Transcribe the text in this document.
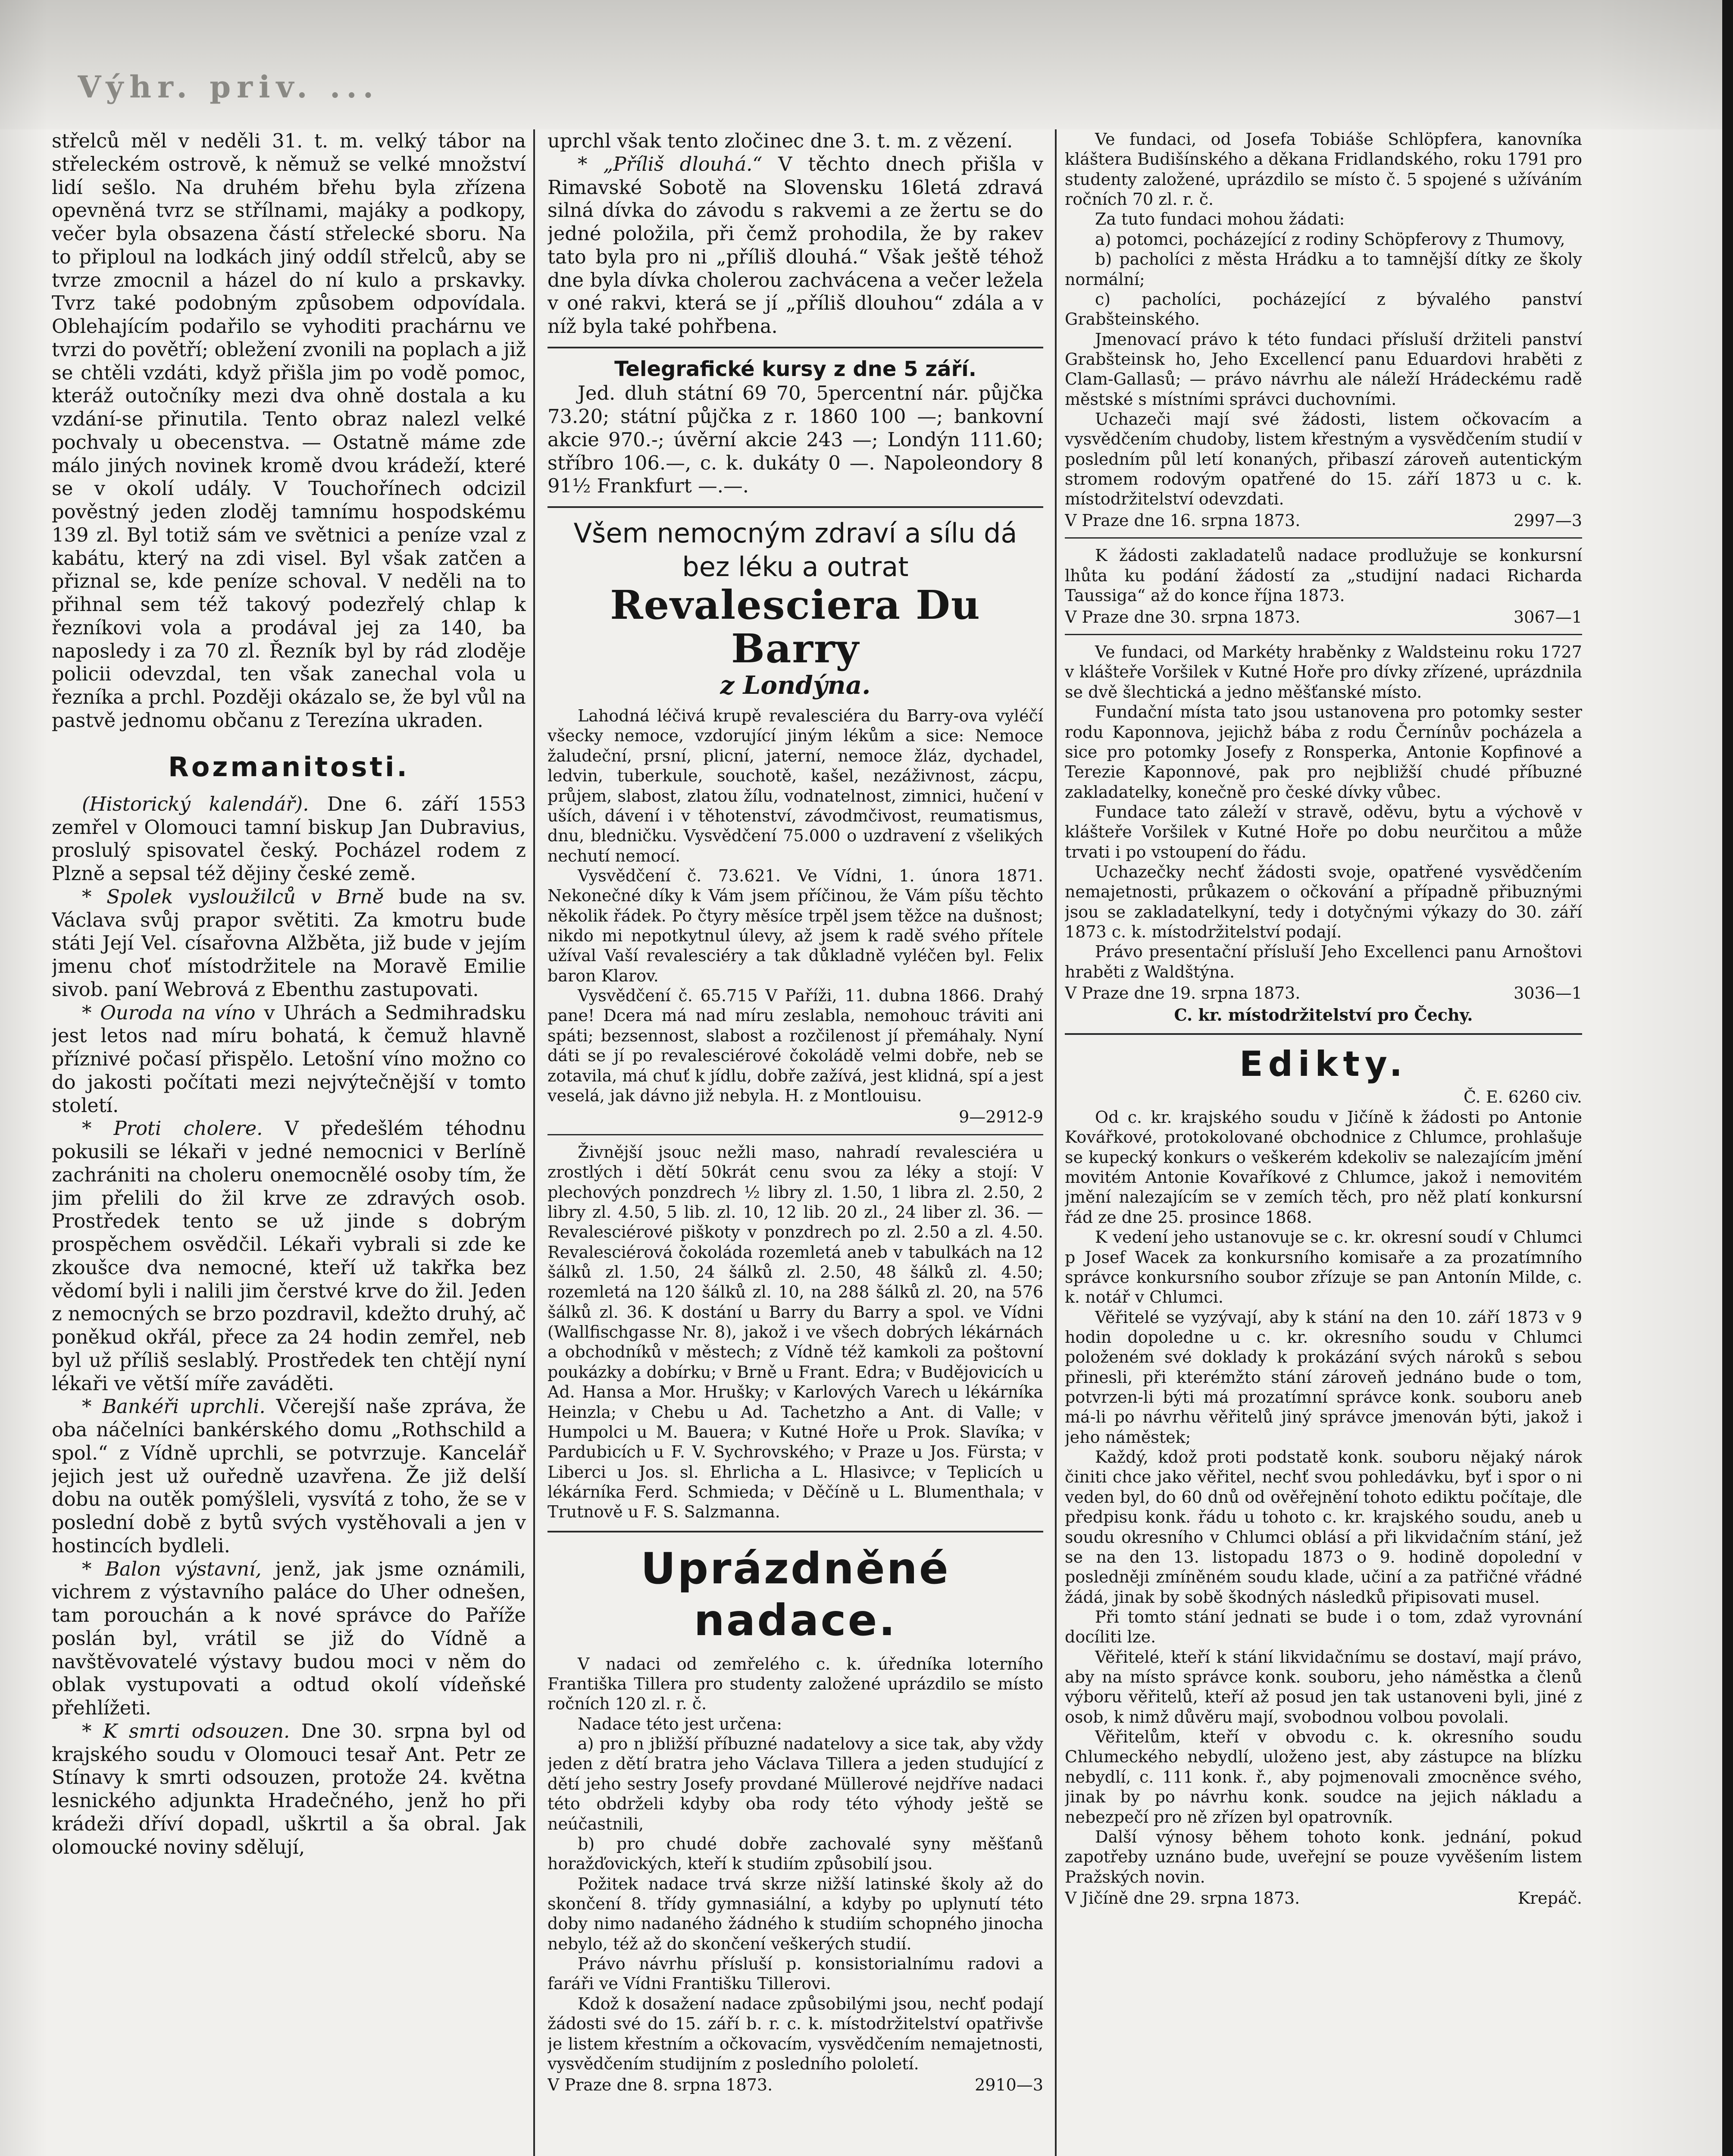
Výhr. priv. ...

střelců měl v neděli 31. t. m. velký tábor na střeleckém ostrově, k němuž se velké množství lidí sešlo. Na druhém břehu byla zřízena opevněná tvrz se střílnami, majáky a podkopy, večer byla obsazena částí střelecké sboru. Na to připloul na lodkách jiný oddíl střelců, aby se tvrze zmocnil a házel do ní kulo a prskavky. Tvrz také podobným způsobem odpovídala. Oblehajícím podařilo se vyhoditi prachárnu ve tvrzi do povětří; obležení zvonili na poplach a již se chtěli vzdáti, když přišla jim po vodě pomoc, kteráž outočníky mezi dva ohně dostala a ku vzdání-se přinutila. Tento obraz nalezl velké pochvaly u obecenstva. — Ostatně máme zde málo jiných novinek kromě dvou krádeží, které se v okolí udály. V Touchořínech odcizil pověstný jeden zloděj tamnímu hospodskému 139 zl. Byl totiž sám ve světnici a peníze vzal z kabátu, který na zdi visel. Byl však zatčen a přiznal se, kde peníze schoval. V neděli na to přihnal sem též takový podezřelý chlap k řezníkovi vola a prodával jej za 140, ba naposledy i za 70 zl. Řezník byl by rád zloděje policii odevzdal, ten však zanechal vola u řezníka a prchl. Později okázalo se, že byl vůl na pastvě jednomu občanu z Terezína ukraden.

Rozmanitosti.

(Historický kalendář). Dne 6. září 1553 zemřel v Olomouci tamní biskup Jan Dubravius, proslulý spisovatel český. Pocházel rodem z Plzně a sepsal též dějiny české země.

* Spolek vysloužilců v Brně bude na sv. Václava svůj prapor světiti. Za kmotru bude státi Její Vel. císařovna Alžběta, již bude v jejím jmenu choť místodržitele na Moravě Emilie sivob. paní Webrová z Ebenthu zastupovati.

* Ouroda na víno v Uhrách a Sedmihradsku jest letos nad míru bohatá, k čemuž hlavně příznivé počasí přispělo. Letošní víno možno co do jakosti počítati mezi nejvýtečnější v tomto století.

* Proti cholere. V předešlém téhodnu pokusili se lékaři v jedné nemocnici v Berlíně zachrániti na choleru onemocnělé osoby tím, že jim přelili do žil krve ze zdravých osob. Prostředek tento se už jinde s dobrým prospěchem osvědčil. Lékaři vybrali si zde ke zkoušce dva nemocné, kteří už takřka bez vědomí byli i nalili jim čerstvé krve do žil. Jeden z nemocných se brzo pozdravil, kdežto druhý, ač poněkud okřál, přece za 24 hodin zemřel, neb byl už příliš seslablý. Prostředek ten chtějí nyní lékaři ve větší míře zaváděti.

* Bankéři uprchli. Včerejší naše zpráva, že oba náčelníci bankérského domu „Rothschild a spol.“ z Vídně uprchli, se potvrzuje. Kancelář jejich jest už ouředně uzavřena. Že již delší dobu na outěk pomýšleli, vysvítá z toho, že se v poslední době z bytů svých vystěhovali a jen v hostincích bydleli.

* Balon výstavní, jenž, jak jsme oznámili, vichrem z výstavního paláce do Uher odnešen, tam porouchán a k nové správce do Paříže poslán byl, vrátil se již do Vídně a navštěvovatelé výstavy budou moci v něm do oblak vystupovati a odtud okolí vídeňské přehlížeti.

* K smrti odsouzen. Dne 30. srpna byl od krajského soudu v Olomouci tesař Ant. Petr ze Stínavy k smrti odsouzen, protože 24. května lesnického adjunkta Hradečného, jenž ho při krádeži dříví dopadl, uškrtil a ša obral. Jak olomoucké noviny sdělují,

uprchl však tento zločinec dne 3. t. m. z vězení.

* „Příliš dlouhá.“ V těchto dnech přišla v Rimavské Sobotě na Slovensku 16letá zdravá silná dívka do závodu s rakvemi a ze žertu se do jedné položila, při čemž prohodila, že by rakev tato byla pro ni „příliš dlouhá.“ Však ještě téhož dne byla dívka cholerou zachvácena a večer ležela v oné rakvi, která se jí „příliš dlouhou“ zdála a v níž byla také pohřbena.

Telegrafické kursy z dne 5 září.

Jed. dluh státní 69 70, 5percentní nár. půjčka 73.20; státní půjčka z r. 1860 100 —; bankovní akcie 970.-; úvěrní akcie 243 —; Londýn 111.60; stříbro 106.—, c. k. dukáty 0 —. Napoleondory 8 91½ Frankfurt —.—.

Všem nemocným zdraví a sílu dá bez léku a outrat
Revalesciera Du Barry
z Londýna.

Lahodná léčivá krupě revalesciéra du Barry-ova vyléčí všecky nemoce, vzdorující jiným lékům a sice: Nemoce žaludeční, prsní, plicní, jaterní, nemoce žláz, dychadel, ledvin, tuberkule, souchotě, kašel, nezáživnost, zácpu, průjem, slabost, zlatou žílu, vodnatelnost, zimnici, hučení v uších, dávení i v těhotenství, závodmčivost, reumatismus, dnu, bledničku. Vysvědčení 75.000 o uzdravení z všelikých nechutí nemocí.

Vysvědčení č. 73.621. Ve Vídni, 1. února 1871. Nekonečné díky k Vám jsem příčinou, že Vám píšu těchto několik řádek. Po čtyry měsíce trpěl jsem těžce na dušnost; nikdo mi nepotkytnul úlevy, až jsem k radě svého přítele užíval Vaší revalesciéry a tak důkladně vyléčen byl. Felix baron Klarov.

Vysvědčení č. 65.715 V Paříži, 11. dubna 1866. Drahý pane! Dcera má nad míru zeslabla, nemohouc tráviti ani spáti; bezsennost, slabost a rozčilenost jí přemáhaly. Nyní dáti se jí po revalesciérové čokoládě velmi dobře, neb se zotavila, má chuť k jídlu, dobře zažívá, jest klidná, spí a jest veselá, jak dávno již nebyla. H. z Montlouisu.

9—2912-9

Živnější jsouc nežli maso, nahradí revalesciéra u zrostlých i dětí 50krát cenu svou za léky a stojí: V plechových ponzdrech ½ libry zl. 1.50, 1 libra zl. 2.50, 2 libry zl. 4.50, 5 lib. zl. 10, 12 lib. 20 zl., 24 liber zl. 36. — Revalesciérové piškoty v ponzdrech po zl. 2.50 a zl. 4.50. Revalesciérová čokoláda rozemletá aneb v tabulkách na 12 šálků zl. 1.50, 24 šálků zl. 2.50, 48 šálků zl. 4.50; rozemletá na 120 šálků zl. 10, na 288 šálků zl. 20, na 576 šálků zl. 36. K dostání u Barry du Barry a spol. ve Vídni (Wallfischgasse Nr. 8), jakož i ve všech dobrých lékárnách a obchodníků v městech; z Vídně též kamkoli za poštovní poukázky a dobírku; v Brně u Frant. Edra; v Budějovicích u Ad. Hansa a Mor. Hrušky; v Karlových Varech u lékárníka Heinzla; v Chebu u Ad. Tachetzho a Ant. di Valle; v Humpolci u M. Bauera; v Kutné Hoře u Prok. Slavíka; v Pardubicích u F. V. Sychrovského; v Praze u Jos. Fürsta; v Liberci u Jos. sl. Ehrlicha a L. Hlasivce; v Teplicích u lékárníka Ferd. Schmieda; v Děčíně u L. Blumenthala; v Trutnově u F. S. Salzmanna.

Uprázdněné nadace.

V nadaci od zemřelého c. k. úředníka loterního Františka Tillera pro studenty založené uprázdilo se místo ročních 120 zl. r. č.

Nadace této jest určena:

a) pro n jbližší příbuzné nadatelovy a sice tak, aby vždy jeden z dětí bratra jeho Václava Tillera a jeden studující z dětí jeho sestry Josefy provdané Müllerové nejdříve nadaci této obdrželi kdyby oba rody této výhody ještě se neúčastnili,

b) pro chudé dobře zachovalé syny měšťanů horažďovických, kteří k studiím způsobilí jsou.

Požitek nadace trvá skrze nižší latinské školy až do skončení 8. třídy gymnasiální, a kdyby po uplynutí této doby nimo nadaného žádného k studiím schopného jinocha nebylo, též až do skončení veškerých studií.

Právo návrhu přísluší p. konsistorialnímu radovi a faráři ve Vídni Františku Tillerovi.

Kdož k dosažení nadace způsobilými jsou, nechť podají žádosti své do 15. září b. r. c. k. místodržitelství opatřivše je listem křestním a očkovacím, vysvědčením nemajetnosti, vysvědčením studijním z posledního pololetí.

V Praze dne 8. srpna 1873.	2910—3

Ve fundaci, od Josefa Tobiáše Schlöpfera, kanovníka kláštera Budišínského a děkana Fridlandského, roku 1791 pro studenty založené, uprázdilo se místo č. 5 spojené s užíváním ročních 70 zl. r. č.

Za tuto fundaci mohou žádati:

a) potomci, pocházející z rodiny Schöpferovy z Thumovy,

b) pacholíci z města Hrádku a to tamnější dítky ze školy normální;

c) pacholíci, pocházející z bývalého panství Grabšteinského.

Jmenovací právo k této fundaci přísluší držiteli panství Grabšteinsk ho, Jeho Excellencí panu Eduardovi hraběti z Clam-Gallasů; — právo návrhu ale náleží Hrádeckému radě městské s místními správci duchovními.

Uchazeči mají své žádosti, listem očkovacím a vysvědčením chudoby, listem křestným a vysvědčením studií v posledním půl letí konaných, přibaszí zároveň autentickým stromem rodovým opatřené do 15. září 1873 u c. k. místodržitelství odevzdati.

V Praze dne 16. srpna 1873.	2997—3

K žádosti zakladatelů nadace prodlužuje se konkursní lhůta ku podání žádostí za „studijní nadaci Richarda Taussiga“ až do konce října 1873.

V Praze dne 30. srpna 1873.	3067—1

Ve fundaci, od Markéty hraběnky z Waldsteinu roku 1727 v klášteře Voršilek v Kutné Hoře pro dívky zřízené, uprázdnila se dvě šlechtická a jedno měšťanské místo.

Fundační místa tato jsou ustanovena pro potomky sester rodu Kaponnova, jejichž bába z rodu Černínův pocházela a sice pro potomky Josefy z Ronsperka, Antonie Kopfinové a Terezie Kaponnové, pak pro nejbližší chudé příbuzné zakladatelky, konečně pro české dívky vůbec.

Fundace tato záleží v stravě, oděvu, bytu a výchově v klášteře Voršilek v Kutné Hoře po dobu neurčitou a může trvati i po vstoupení do řádu.

Uchazečky nechť žádosti svoje, opatřené vysvědčením nemajetnosti, průkazem o očkování a případně přibuznými jsou se zakladatelkyní, tedy i dotyčnými výkazy do 30. září 1873 c. k. místodržitelství podají.

Právo presentační přísluší Jeho Excellenci panu Arnoštovi hraběti z Waldštýna.

V Praze dne 19. srpna 1873.	3036—1

C. kr. místodržitelství pro Čechy.

Edikty.

Č. E. 6260 civ.

Od c. kr. krajského soudu v Jičíně k žádosti po Antonie Kovářkové, protokolované obchodnice z Chlumce, prohlašuje se kupecký konkurs o veškerém kdekoliv se nalezajícím jmění movitém Antonie Kovaříkové z Chlumce, jakož i nemovitém jmění nalezajícím se v zemích těch, pro něž platí konkursní řád ze dne 25. prosince 1868.

K vedení jeho ustanovuje se c. kr. okresní soudí v Chlumci p Josef Wacek za konkursního komisaře a za prozatímního správce konkursního soubor zřízuje se pan Antonín Milde, c. k. notář v Chlumci.

Věřitelé se vyzývají, aby k stání na den 10. září 1873 v 9 hodin dopoledne u c. kr. okresního soudu v Chlumci položeném své doklady k prokázání svých nároků s sebou přinesli, při kterémžto stání zároveň jednáno bude o tom, potvrzen-li býti má prozatímní správce konk. souboru aneb má-li po návrhu věřitelů jiný správce jmenován býti, jakož i jeho náměstek;

Každý, kdož proti podstatě konk. souboru nějaký nárok činiti chce jako věřitel, nechť svou pohledávku, byť i spor o ni veden byl, do 60 dnů od ověřejnění tohoto ediktu počítaje, dle předpisu konk. řádu u tohoto c. kr. krajského soudu, aneb u soudu okresního v Chlumci oblásí a při likvidačním stání, jež se na den 13. listopadu 1873 o 9. hodině dopolední v posledněji zmíněném soudu klade, učiní a za patřičné vřádné žádá, jinak by sobě škodných následků připisovati musel.

Při tomto stání jednati se bude i o tom, zdaž vyrovnání docíliti lze.

Věřitelé, kteří k stání likvidačnímu se dostaví, mají právo, aby na místo správce konk. souboru, jeho náměstka a členů výboru věřitelů, kteří až posud jen tak ustanoveni byli, jiné z osob, k nimž důvěru mají, svobodnou volbou povolali.

Věřitelům, kteří v obvodu c. k. okresního soudu Chlumeckého nebydlí, uloženo jest, aby zástupce na blízku nebydlí, c. 111 konk. ř., aby pojmenovali zmocněnce svého, jinak by po návrhu konk. soudce na jejich nákladu a nebezpečí pro ně zřízen byl opatrovník.

Další výnosy během tohoto konk. jednání, pokud zapotřeby uznáno bude, uveřejní se pouze vyvěšením listem Pražských novin.

V Jičíně dne 29. srpna 1873.	Krepáč.
